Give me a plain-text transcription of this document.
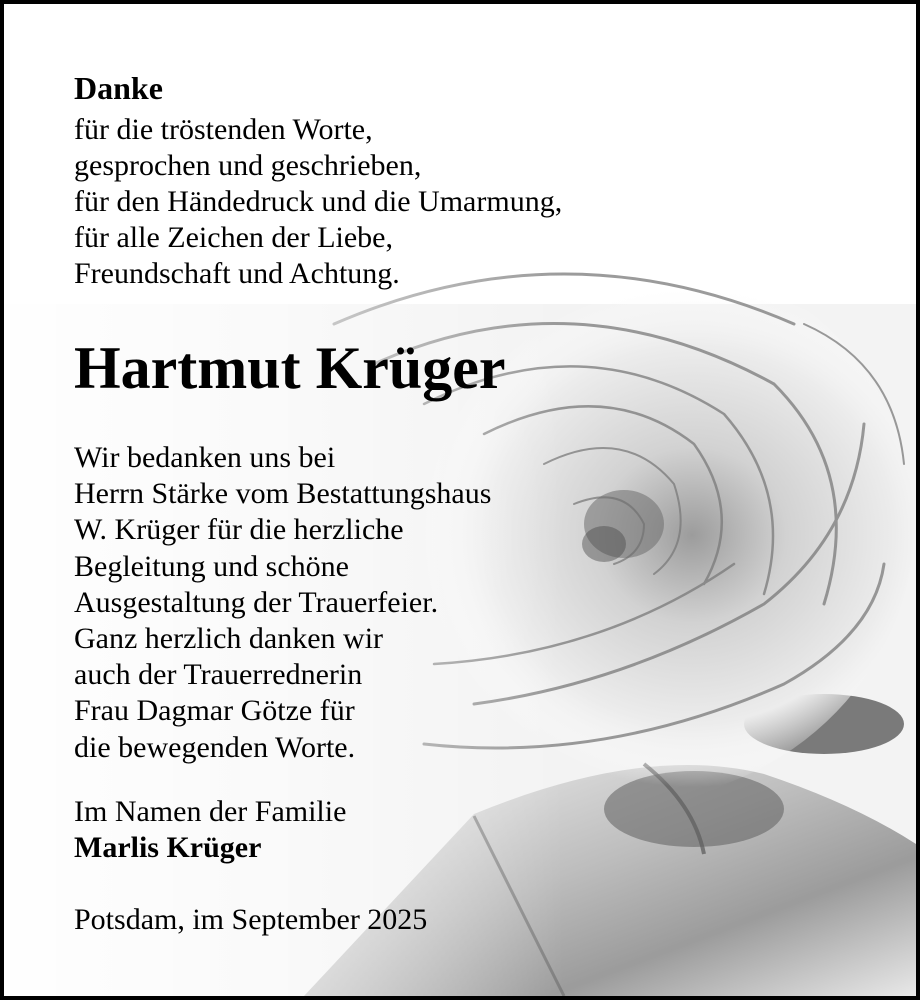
Danke

für die tröstenden Worte,
gesprochen und geschrieben,
für den Händedruck und die Umarmung,
für alle Zeichen der Liebe,
Freundschaft und Achtung.

Hartmut Krüger

Wir bedanken uns bei
Herrn Stärke vom Bestattungshaus
W. Krüger für die herzliche
Begleitung und schöne
Ausgestaltung der Trauerfeier.
Ganz herzlich danken wir
auch der Trauerrednerin
Frau Dagmar Götze für
die bewegenden Worte.

Im Namen der Familie

Marlis Krüger

Potsdam, im September 2025
